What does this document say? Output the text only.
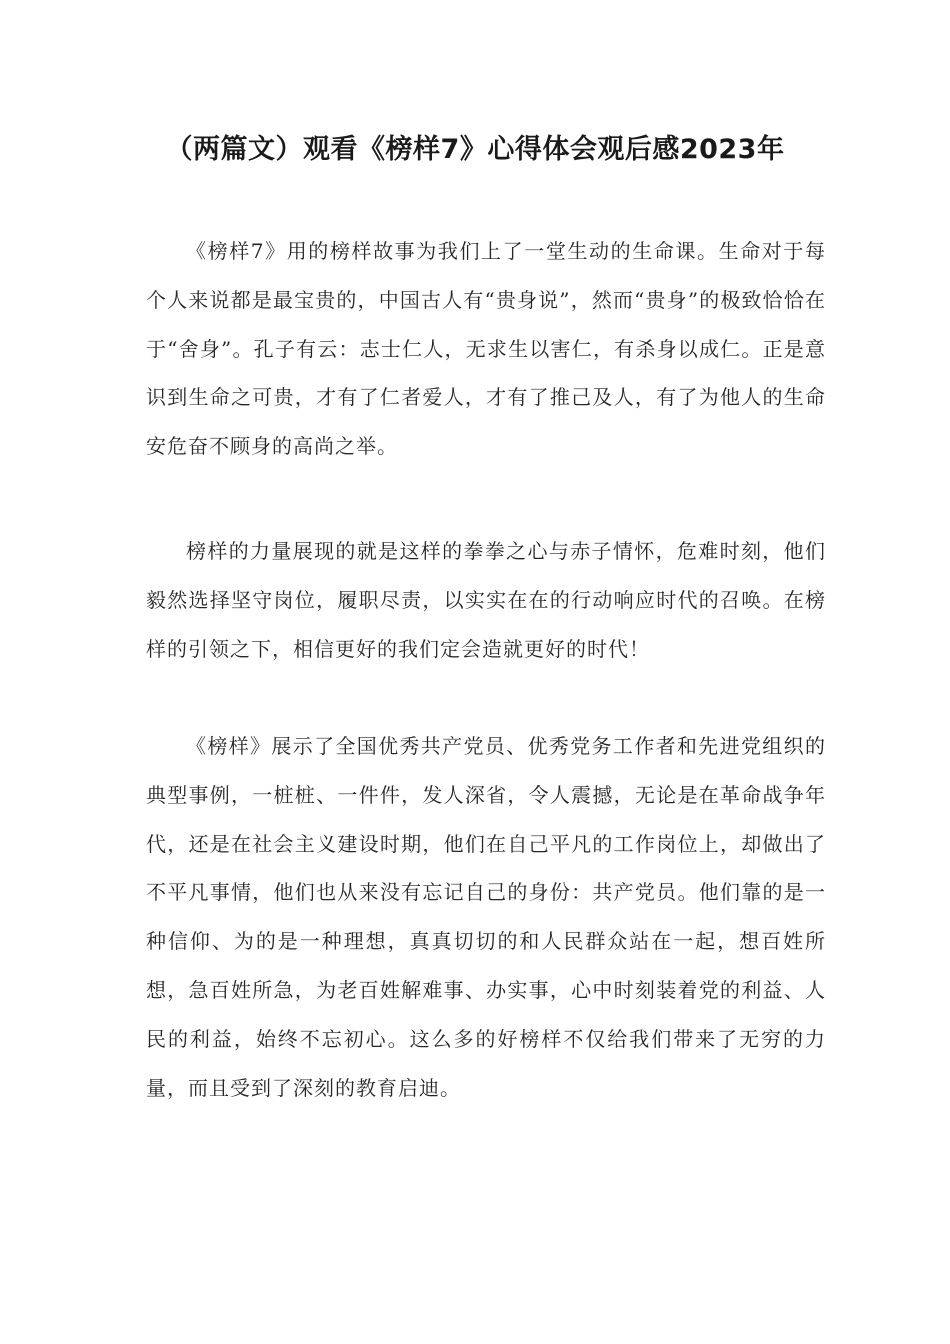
（两篇文）观看《榜样7》心得体会观后感2023年

《榜样7》用的榜样故事为我们上了一堂生动的生命课。生命对于每个人来说都是最宝贵的，中国古人有“贵身说”，然而“贵身”的极致恰恰在于“舍身”。孔子有云：志士仁人，无求生以害仁，有杀身以成仁。正是意识到生命之可贵，才有了仁者爱人，才有了推己及人，有了为他人的生命安危奋不顾身的高尚之举。

榜样的力量展现的就是这样的拳拳之心与赤子情怀，危难时刻，他们毅然选择坚守岗位，履职尽责，以实实在在的行动响应时代的召唤。在榜样的引领之下，相信更好的我们定会造就更好的时代！

《榜样》展示了全国优秀共产党员、优秀党务工作者和先进党组织的典型事例，一桩桩、一件件，发人深省，令人震撼，无论是在革命战争年代，还是在社会主义建设时期，他们在自己平凡的工作岗位上，却做出了不平凡事情，他们也从来没有忘记自己的身份：共产党员。他们靠的是一种信仰、为的是一种理想，真真切切的和人民群众站在一起，想百姓所想，急百姓所急，为老百姓解难事、办实事，心中时刻装着党的利益、人民的利益，始终不忘初心。这么多的好榜样不仅给我们带来了无穷的力量，而且受到了深刻的教育启迪。
